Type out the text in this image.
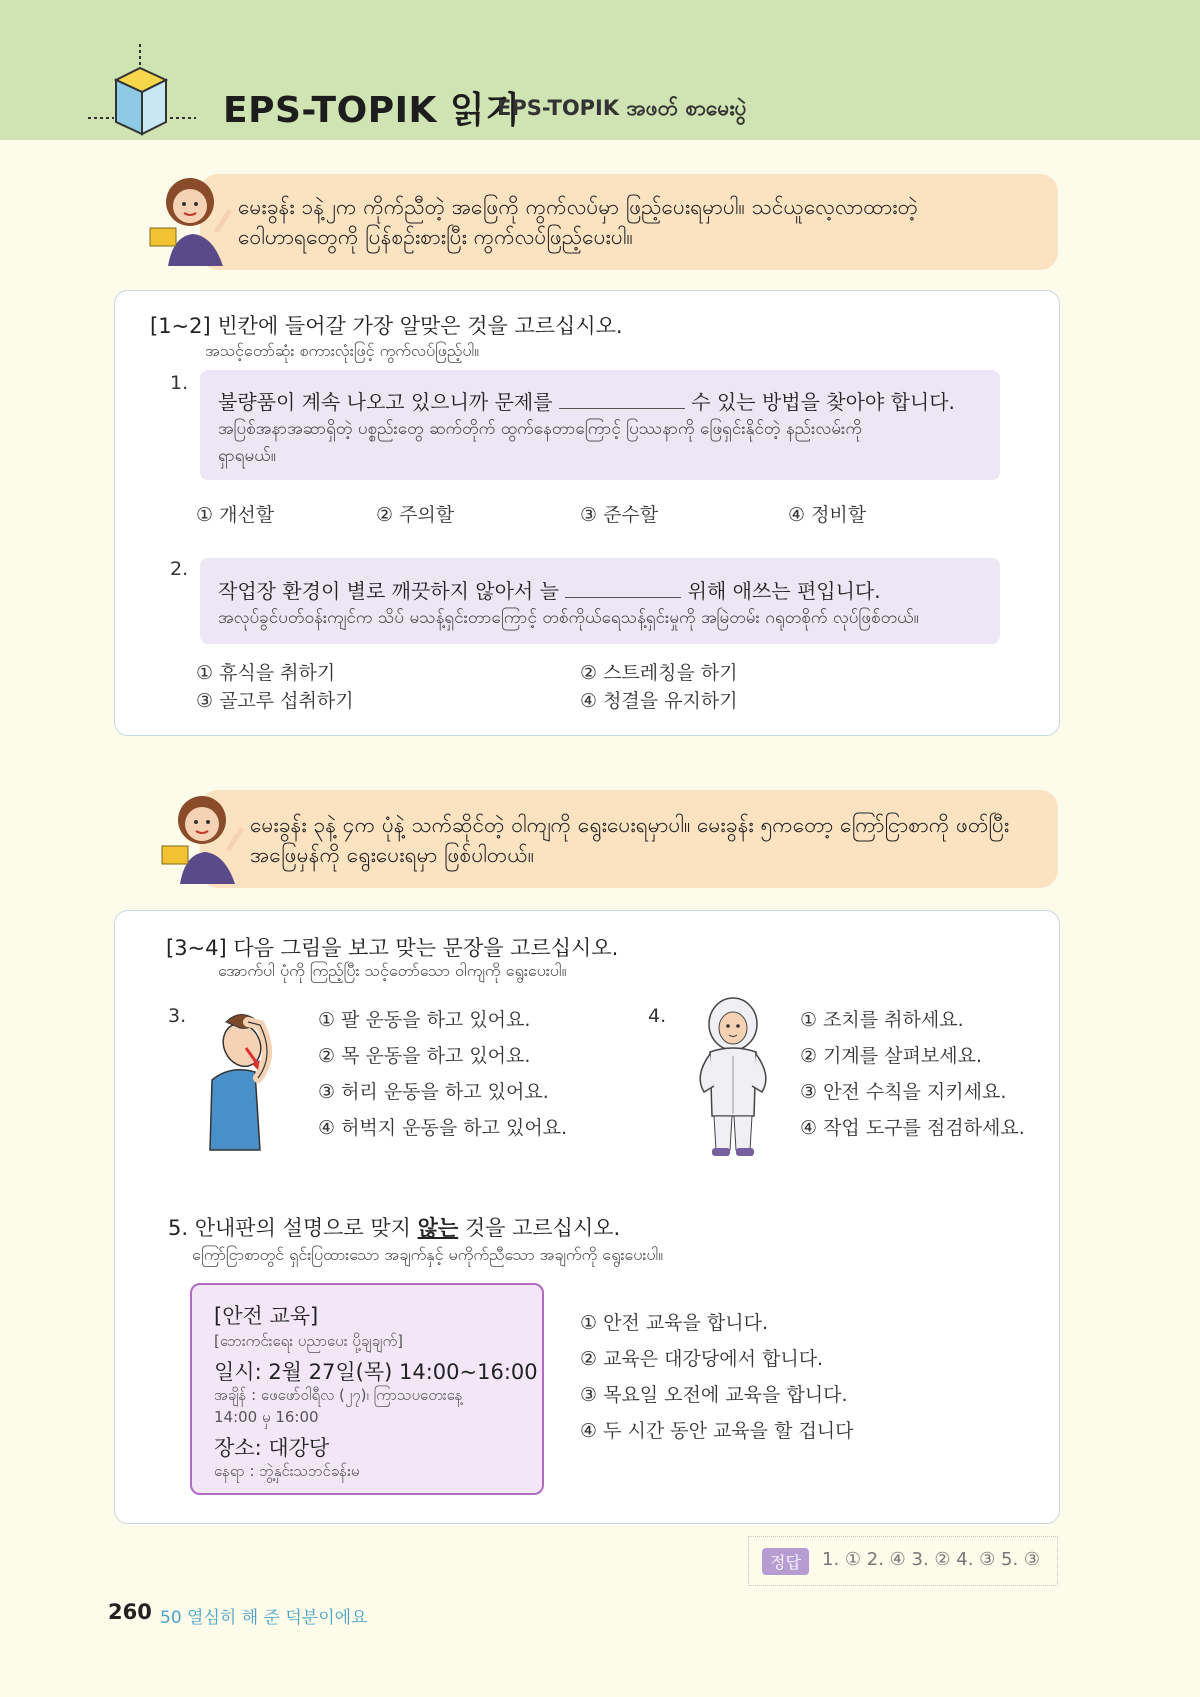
EPS-TOPIK 읽기
EPS-TOPIK အဖတ် စာမေးပွဲ
မေးခွန်း ၁နဲ့၂က ကိုက်ညီတဲ့ အဖြေကို ကွက်လပ်မှာ ဖြည့်ပေးရမှာပါ။ သင်ယူလေ့လာထားတဲ့
ဝေါဟာရတွေကို ပြန်စဉ်းစားပြီး ကွက်လပ်ဖြည့်ပေးပါ။
[1~2] 빈칸에 들어갈 가장 알맞은 것을 고르십시오.
အသင့်တော်ဆုံး စကားလုံးဖြင့် ကွက်လပ်ဖြည့်ပါ။
1.
불량품이 계속 나오고 있으니까 문제를	수 있는 방법을 찾아야 합니다.
အပြစ်အနာအဆာရှိတဲ့ ပစ္စည်းတွေ ဆက်တိုက် ထွက်နေတာကြောင့် ပြဿနာကို ဖြေရှင်းနိုင်တဲ့ နည်းလမ်းကို
ရှာရမယ်။
① 개선할	② 주의할	③ 준수할	④ 정비할
2.
작업장 환경이 별로 깨끗하지 않아서 늘	위해 애쓰는 편입니다.
အလုပ်ခွင်ပတ်ဝန်းကျင်က သိပ် မသန့်ရှင်းတာကြောင့် တစ်ကိုယ်ရေသန့်ရှင်းမှုကို အမြဲတမ်း ဂရုတစိုက် လုပ်ဖြစ်တယ်။
① 휴식을 취하기	② 스트레칭을 하기
③ 골고루 섭취하기	④ 청결을 유지하기
မေးခွန်း ၃နဲ့ ၄က ပုံနဲ့ သက်ဆိုင်တဲ့ ဝါကျကို ရွေးပေးရမှာပါ။ မေးခွန်း ၅ကတော့ ကြော်ငြာစာကို ဖတ်ပြီး
အဖြေမှန်ကို ရွေးပေးရမှာ ဖြစ်ပါတယ်။
[3~4] 다음 그림을 보고 맞는 문장을 고르십시오.
အောက်ပါ ပုံကို ကြည့်ပြီး သင့်တော်သော ဝါကျကို ရွေးပေးပါ။
3.	① 팔 운동을 하고 있어요.
② 목 운동을 하고 있어요.
③ 허리 운동을 하고 있어요.
④ 허벅지 운동을 하고 있어요.
4.	① 조치를 취하세요.
② 기계를 살펴보세요.
③ 안전 수칙을 지키세요.
④ 작업 도구를 점검하세요.
5. 안내판의 설명으로 맞지 않는 것을 고르십시오.
ကြော်ငြာစာတွင် ရှင်းပြထားသော အချက်နှင့် မကိုက်ညီသော အချက်ကို ရွေးပေးပါ။
[안전 교육]
[ဘေးကင်းရေး ပညာပေး ပို့ချချက်]
일시: 2월 27일(목) 14:00~16:00
အချိန် : ဖေဖော်ဝါရီလ (၂၇)၊ ကြာသပတေးနေ့
14:00 မှ 16:00
장소: 대강당
နေရာ : ဘွဲ့နှင်းသဘင်ခန်းမ
① 안전 교육을 합니다.
② 교육은 대강당에서 합니다.
③ 목요일 오전에 교육을 합니다.
④ 두 시간 동안 교육을 할 겁니다
정답	1. ① 2. ④ 3. ② 4. ③ 5. ③
260 50 열심히 해 준 덕분이에요
